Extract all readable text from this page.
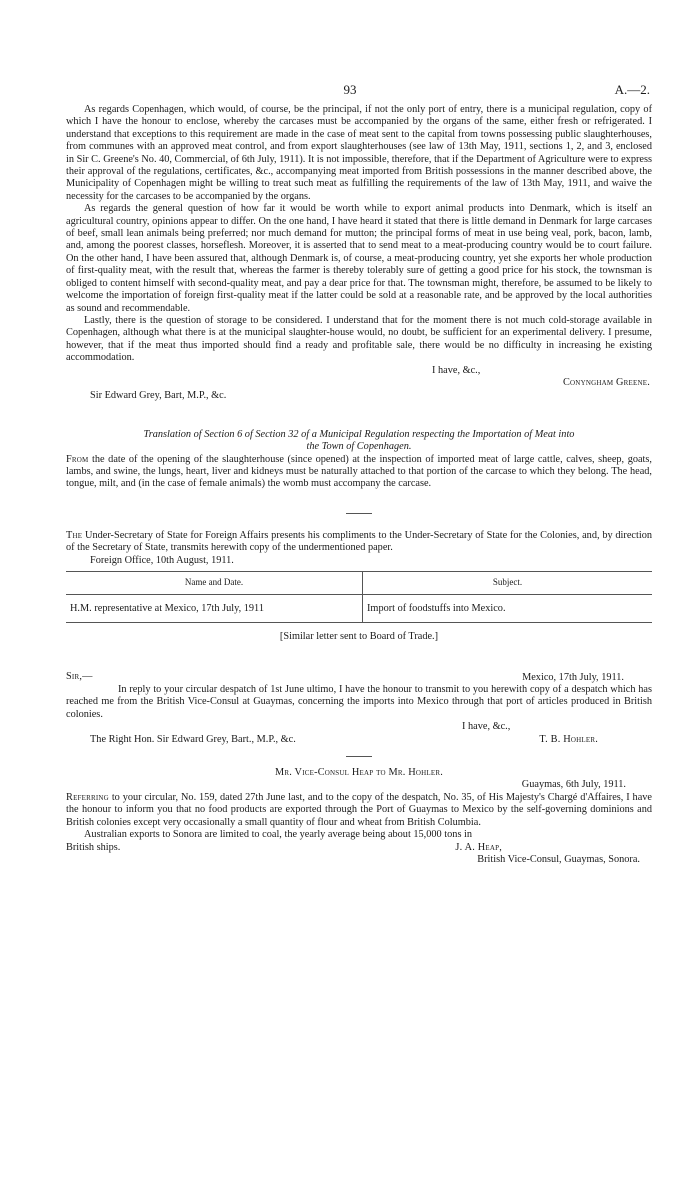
93	A.—2.

As regards Copenhagen, which would, of course, be the principal, if not the only port of entry, there is a municipal regulation, copy of which I have the honour to enclose, whereby the carcases must be accompanied by the organs of the same, either fresh or refrigerated. I understand that exceptions to this requirement are made in the case of meat sent to the capital from towns possessing public slaughterhouses, from communes with an approved meat control, and from export slaughterhouses (see law of 13th May, 1911, sections 1, 2, and 3, enclosed in Sir C. Greene's No. 40, Commercial, of 6th July, 1911). It is not impossible, therefore, that if the Department of Agriculture were to express their approval of the regulations, certificates, &c., accompanying meat imported from British possessions in the manner described above, the Municipality of Copenhagen might be willing to treat such meat as fulfilling the requirements of the law of 13th May, 1911, and waive the necessity for the carcases to be accompanied by the organs.

As regards the general question of how far it would be worth while to export animal products into Denmark, which is itself an agricultural country, opinions appear to differ. On the one hand, I have heard it stated that there is little demand in Denmark for large carcases of beef, small lean animals being preferred; nor much demand for mutton; the principal forms of meat in use being veal, pork, bacon, lamb, and, among the poorest classes, horseflesh. Moreover, it is asserted that to send meat to a meat-producing country would be to court failure. On the other hand, I have been assured that, although Denmark is, of course, a meat-producing country, yet she exports her whole production of first-quality meat, with the result that, whereas the farmer is thereby tolerably sure of getting a good price for his stock, the townsman is obliged to content himself with second-quality meat, and pay a dear price for that. The townsman might, therefore, be assumed to be likely to welcome the importation of foreign first-quality meat if the latter could be sold at a reasonable rate, and be approved by the local authorities as sound and recommendable.

Lastly, there is the question of storage to be considered. I understand that for the moment there is not much cold-storage available in Copenhagen, although what there is at the municipal slaughter-house would, no doubt, be sufficient for an experimental delivery. I presume, however, that if the meat thus imported should find a ready and profitable sale, there would be no difficulty in increasing he existing accommodation.

I have, &c.,
Conyngham Greene.
Sir Edward Grey, Bart, M.P., &c.
Translation of Section 6 of Section 32 of a Municipal Regulation respecting the Importation of Meat into
the Town of Copenhagen.

From the date of the opening of the slaughterhouse (since opened) at the inspection of imported meat of large cattle, calves, sheep, goats, lambs, and swine, the lungs, heart, liver and kidneys must be naturally attached to that portion of the carcase to which they belong. The head, tongue, milt, and (in the case of female animals) the womb must accompany the carcase.

The Under-Secretary of State for Foreign Affairs presents his compliments to the Under-Secretary of State for the Colonies, and, by direction of the Secretary of State, transmits herewith copy of the undermentioned paper.

Foreign Office, 10th August, 1911.
Name and Date.	Subject.
H.M. representative at Mexico, 17th July, 1911	Import of foodstuffs into Mexico.
[Similar letter sent to Board of Trade.]
Sir,—	Mexico, 17th July, 1911.

In reply to your circular despatch of 1st June ultimo, I have the honour to transmit to you herewith copy of a despatch which has reached me from the British Vice-Consul at Guaymas, concerning the imports into Mexico through that port of articles produced in British colonies.

I have, &c.,
The Right Hon. Sir Edward Grey, Bart., M.P., &c.	T. B. Hohler.
Mr. Vice-Consul Heap to Mr. Hohler.
Guaymas, 6th July, 1911.

Referring to your circular, No. 159, dated 27th June last, and to the copy of the despatch, No. 35, of His Majesty's Chargé d'Affaires, I have the honour to inform you that no food products are exported through the Port of Guaymas to Mexico by the self-governing dominions and British colonies except very occasionally a small quantity of flour and wheat from British Columbia.

Australian exports to Sonora are limited to coal, the yearly average being about 15,000 tons in

British ships.	J. A. Heap,
British Vice-Consul, Guaymas, Sonora.
